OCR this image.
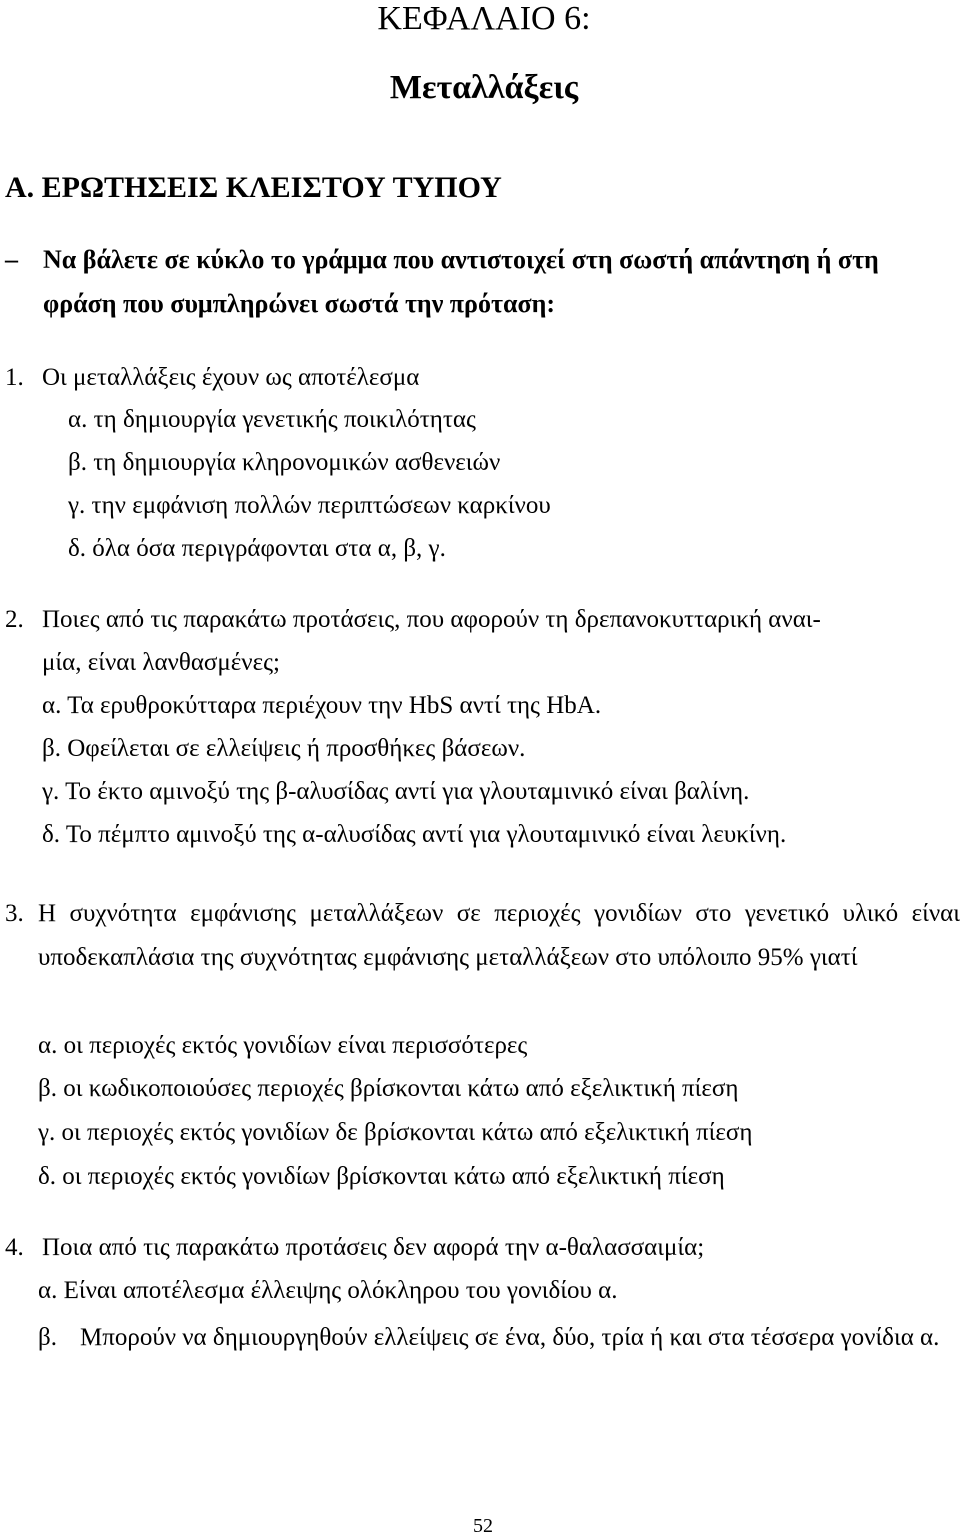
ΚΕΦΑΛΑΙΟ 6:
Μεταλλάξεις
Α. ΕΡΩΤΗΣΕΙΣ ΚΛΕΙΣΤΟΥ ΤΥΠΟΥ
– Να βάλετε σε κύκλο το γράμμα που αντιστοιχεί στη σωστή απάντηση ή στη φράση που συμπληρώνει σωστά την πρόταση:
1. Οι μεταλλάξεις έχουν ως αποτέλεσμα
α. τη δημιουργία γενετικής ποικιλότητας
β. τη δημιουργία κληρονομικών ασθενειών
γ. την εμφάνιση πολλών περιπτώσεων καρκίνου
δ. όλα όσα περιγράφονται στα α, β, γ.
2. Ποιες από τις παρακάτω προτάσεις, που αφορούν τη δρεπανοκυτταρική αναι-
μία, είναι λανθασμένες;
α. Τα ερυθροκύτταρα περιέχουν την HbS αντί της HbA.
β. Οφείλεται σε ελλείψεις ή προσθήκες βάσεων.
γ. Το έκτο αμινοξύ της β-αλυσίδας αντί για γλουταμινικό είναι βαλίνη.
δ. Το πέμπτο αμινοξύ της α-αλυσίδας αντί για γλουταμινικό είναι λευκίνη.
3. Η συχνότητα εμφάνισης μεταλλάξεων σε περιοχές γονιδίων στο γενετικό υλικό είναι υποδεκαπλάσια της συχνότητας εμφάνισης μεταλλάξεων στο υπόλοιπο 95% γιατί
α. οι περιοχές εκτός γονιδίων είναι περισσότερες
β. οι κωδικοποιούσες περιοχές βρίσκονται κάτω από εξελικτική πίεση
γ. οι περιοχές εκτός γονιδίων δε βρίσκονται κάτω από εξελικτική πίεση
δ. οι περιοχές εκτός γονιδίων βρίσκονται κάτω από εξελικτική πίεση
4. Ποια από τις παρακάτω προτάσεις δεν αφορά την α-θαλασσαιμία;
α. Είναι αποτέλεσμα έλλειψης ολόκληρου του γονιδίου α.
β. Μπορούν να δημιουργηθούν ελλείψεις σε ένα, δύο, τρία ή και στα τέσσερα γονίδια α.
52
